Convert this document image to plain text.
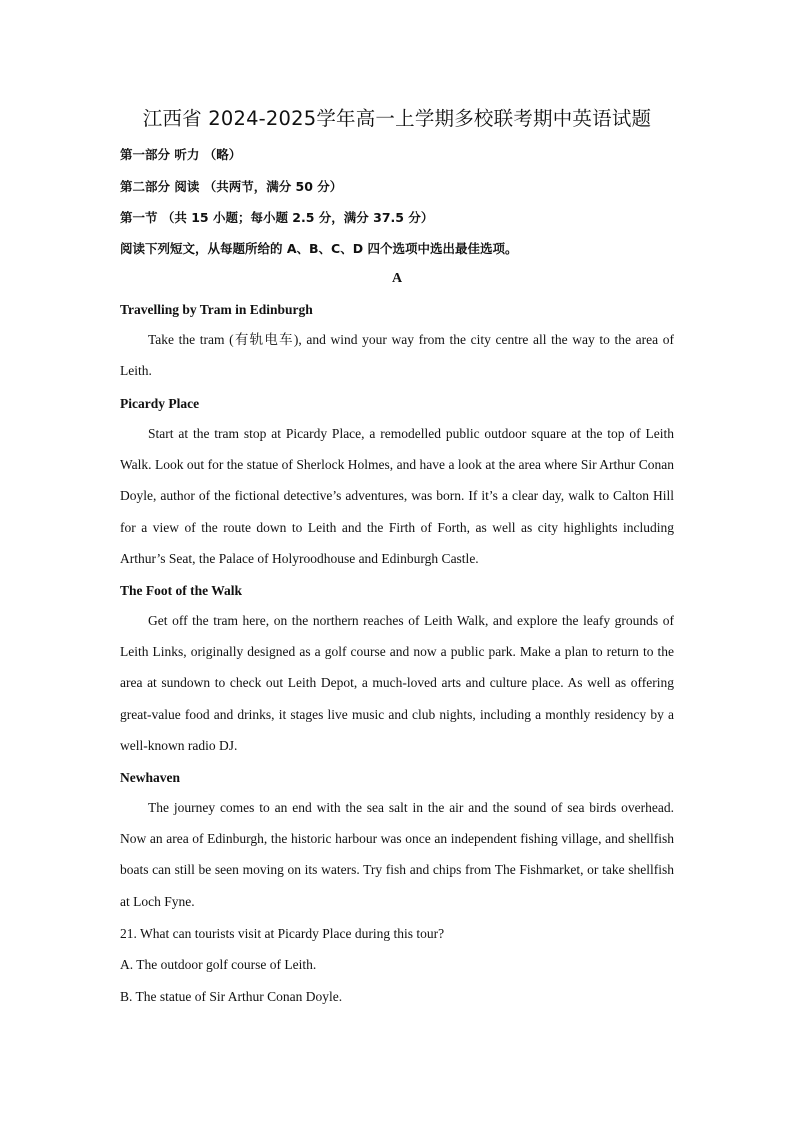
江西省 2024-2025学年高一上学期多校联考期中英语试题
第一部分 听力 （略）
第二部分 阅读 （共两节，满分 50 分）
第一节 （共 15 小题；每小题 2.5 分，满分 37.5 分）
阅读下列短文，从每题所给的 A、B、C、D 四个选项中选出最佳选项。
A
Travelling by Tram in Edinburgh

Take the tram (有轨电车), and wind your way from the city centre all the way to the area of Leith.

Picardy Place

Start at the tram stop at Picardy Place, a remodelled public outdoor square at the top of Leith Walk. Look out for the statue of Sherlock Holmes, and have a look at the area where Sir Arthur Conan Doyle, author of the fictional detective’s adventures, was born. If it’s a clear day, walk to Calton Hill for a view of the route down to Leith and the Firth of Forth, as well as city highlights including Arthur’s Seat, the Palace of Holyroodhouse and Edinburgh Castle.

The Foot of the Walk

Get off the tram here, on the northern reaches of Leith Walk, and explore the leafy grounds of Leith Links, originally designed as a golf course and now a public park. Make a plan to return to the area at sundown to check out Leith Depot, a much-loved arts and culture place. As well as offering great-value food and drinks, it stages live music and club nights, including a monthly residency by a well-known radio DJ.

Newhaven

The journey comes to an end with the sea salt in the air and the sound of sea birds overhead. Now an area of Edinburgh, the historic harbour was once an independent fishing village, and shellfish boats can still be seen moving on its waters. Try fish and chips from The Fishmarket, or take shellfish at Loch Fyne.

21. What can tourists visit at Picardy Place during this tour?
A. The outdoor golf course of Leith.
B. The statue of Sir Arthur Conan Doyle.
